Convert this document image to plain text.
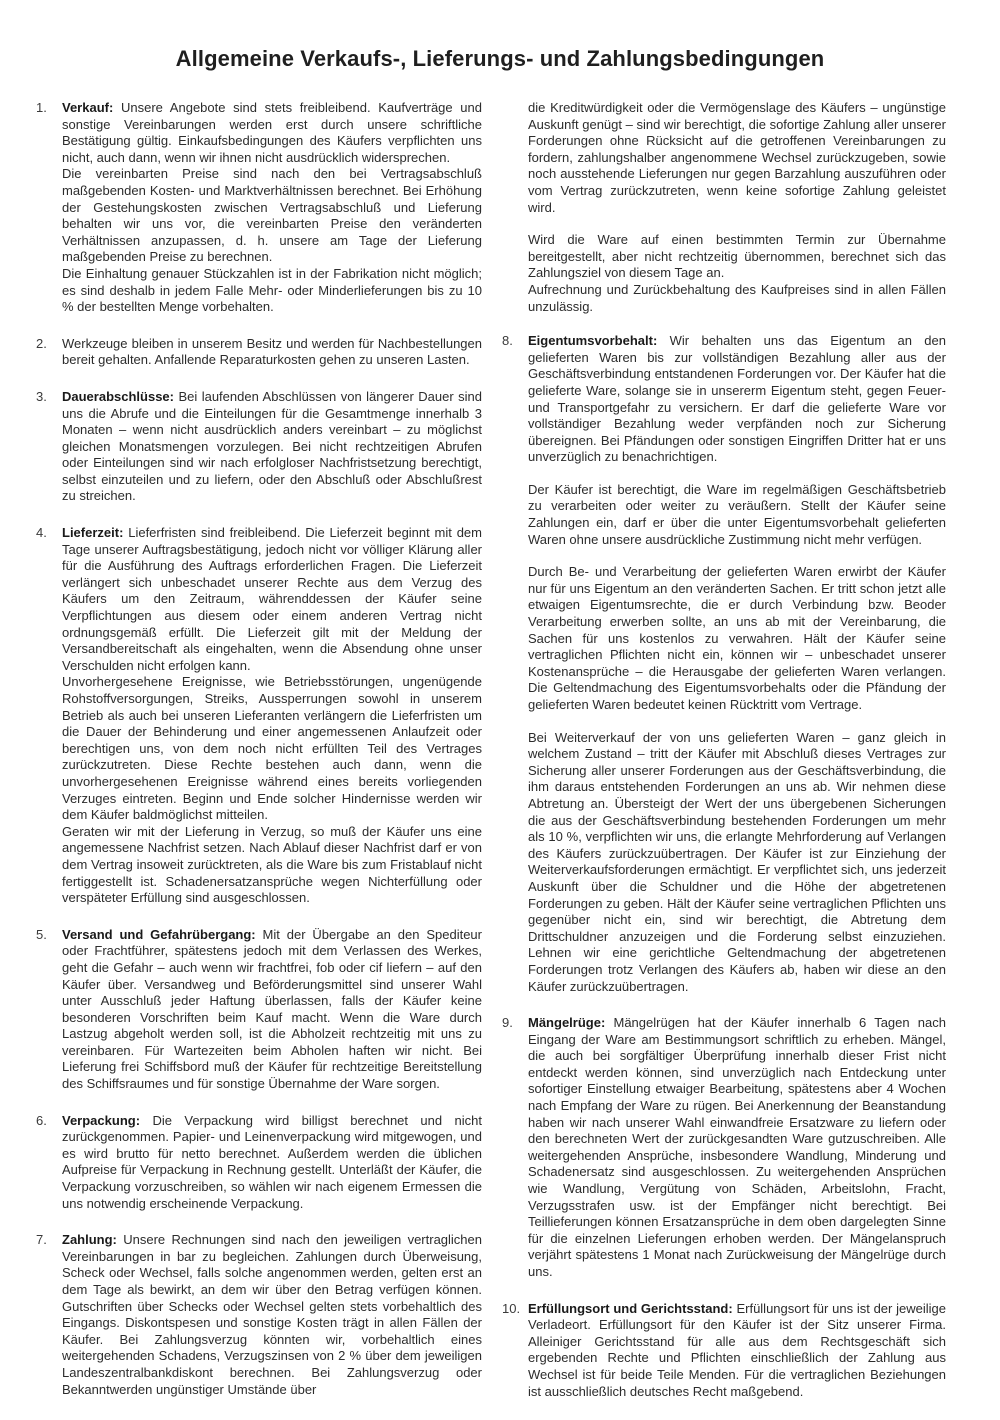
Allgemeine Verkaufs-, Lieferungs- und Zahlungsbedingungen
1. Verkauf: Unsere Angebote sind stets freibleibend. Kaufverträge und sonstige Vereinbarungen werden erst durch unsere schriftliche Bestätigung gültig. Einkaufsbedingungen des Käufers verpflichten uns nicht, auch dann, wenn wir ihnen nicht ausdrücklich widersprechen.

Die vereinbarten Preise sind nach den bei Vertragsabschluß maßgebenden Kosten- und Marktverhältnissen berechnet. Bei Erhöhung der Gestehungskosten zwischen Vertragsabschluß und Lieferung behalten wir uns vor, die vereinbarten Preise den veränderten Verhältnissen anzupassen, d. h. unsere am Tage der Lieferung maßgebenden Preise zu berechnen.

Die Einhaltung genauer Stückzahlen ist in der Fabrikation nicht möglich; es sind deshalb in jedem Falle Mehr- oder Minderlieferungen bis zu 10 % der bestellten Menge vorbehalten.

2. Werkzeuge bleiben in unserem Besitz und werden für Nachbestellungen bereit gehalten. Anfallende Reparaturkosten gehen zu unseren Lasten.

3. Dauerabschlüsse: Bei laufenden Abschlüssen von längerer Dauer sind uns die Abrufe und die Einteilungen für die Gesamtmenge innerhalb 3 Monaten – wenn nicht ausdrücklich anders vereinbart – zu möglichst gleichen Monatsmengen vorzulegen. Bei nicht rechtzeitigen Abrufen oder Einteilungen sind wir nach erfolgloser Nachfristsetzung berechtigt, selbst einzuteilen und zu liefern, oder den Abschluß oder Abschlußrest zu streichen.

4. Lieferzeit: Lieferfristen sind freibleibend. Die Lieferzeit beginnt mit dem Tage unserer Auftragsbestätigung, jedoch nicht vor völliger Klärung aller für die Ausführung des Auftrags erforderlichen Fragen. Die Lieferzeit verlängert sich unbeschadet unserer Rechte aus dem Verzug des Käufers um den Zeitraum, währenddessen der Käufer seine Verpflichtungen aus diesem oder einem anderen Vertrag nicht ordnungsgemäß erfüllt. Die Lieferzeit gilt mit der Meldung der Versandbereitschaft als eingehalten, wenn die Absendung ohne unser Verschulden nicht erfolgen kann.

Unvorhergesehene Ereignisse, wie Betriebsstörungen, ungenügende Rohstoffversorgungen, Streiks, Aussperrungen sowohl in unserem Betrieb als auch bei unseren Lieferanten verlängern die Lieferfristen um die Dauer der Behinderung und einer angemessenen Anlaufzeit oder berechtigen uns, von dem noch nicht erfüllten Teil des Vertrages zurückzutreten. Diese Rechte bestehen auch dann, wenn die unvorhergesehenen Ereignisse während eines bereits vorliegenden Verzuges eintreten. Beginn und Ende solcher Hindernisse werden wir dem Käufer baldmöglichst mitteilen.

Geraten wir mit der Lieferung in Verzug, so muß der Käufer uns eine angemessene Nachfrist setzen. Nach Ablauf dieser Nachfrist darf er von dem Vertrag insoweit zurücktreten, als die Ware bis zum Fristablauf nicht fertiggestellt ist. Schadenersatzansprüche wegen Nichterfüllung oder verspäteter Erfüllung sind ausgeschlossen.

5. Versand und Gefahrübergang: Mit der Übergabe an den Spediteur oder Frachtführer, spätestens jedoch mit dem Verlassen des Werkes, geht die Gefahr – auch wenn wir frachtfrei, fob oder cif liefern – auf den Käufer über. Versandweg und Beförderungsmittel sind unserer Wahl unter Ausschluß jeder Haftung überlassen, falls der Käufer keine besonderen Vorschriften beim Kauf macht. Wenn die Ware durch Lastzug abgeholt werden soll, ist die Abholzeit rechtzeitig mit uns zu vereinbaren. Für Wartezeiten beim Abholen haften wir nicht. Bei Lieferung frei Schiffsbord muß der Käufer für rechtzeitige Bereitstellung des Schiffsraumes und für sonstige Übernahme der Ware sorgen.

6. Verpackung: Die Verpackung wird billigst berechnet und nicht zurückgenommen. Papier- und Leinenverpackung wird mitgewogen, und es wird brutto für netto berechnet. Außerdem werden die üblichen Aufpreise für Verpackung in Rechnung gestellt. Unterläßt der Käufer, die Verpackung vorzuschreiben, so wählen wir nach eigenem Ermessen die uns notwendig erscheinende Verpackung.

7. Zahlung: Unsere Rechnungen sind nach den jeweiligen vertraglichen Vereinbarungen in bar zu begleichen. Zahlungen durch Überweisung, Scheck oder Wechsel, falls solche angenommen werden, gelten erst an dem Tage als bewirkt, an dem wir über den Betrag verfügen können. Gutschriften über Schecks oder Wechsel gelten stets vorbehaltlich des Eingangs. Diskontspesen und sonstige Kosten trägt in allen Fällen der Käufer. Bei Zahlungsverzug könnten wir, vorbehaltlich eines weitergehenden Schadens, Verzugszinsen von 2 % über dem jeweiligen Landeszentralbankdiskont berechnen. Bei Zahlungsverzug oder Bekanntwerden ungünstiger Umstände über

die Kreditwürdigkeit oder die Vermögenslage des Käufers – ungünstige Auskunft genügt – sind wir berechtigt, die sofortige Zahlung aller unserer Forderungen ohne Rücksicht auf die getroffenen Vereinbarungen zu fordern, zahlungshalber angenommene Wechsel zurückzugeben, sowie noch ausstehende Lieferungen nur gegen Barzahlung auszuführen oder vom Vertrag zurückzutreten, wenn keine sofortige Zahlung geleistet wird.

Wird die Ware auf einen bestimmten Termin zur Übernahme bereitgestellt, aber nicht rechtzeitig übernommen, berechnet sich das Zahlungsziel von diesem Tage an.

Aufrechnung und Zurückbehaltung des Kaufpreises sind in allen Fällen unzulässig.

8. Eigentumsvorbehalt: Wir behalten uns das Eigentum an den gelieferten Waren bis zur vollständigen Bezahlung aller aus der Geschäftsverbindung entstandenen Forderungen vor. Der Käufer hat die gelieferte Ware, solange sie in unsererm Eigentum steht, gegen Feuer- und Transportgefahr zu versichern. Er darf die gelieferte Ware vor vollständiger Bezahlung weder verpfänden noch zur Sicherung übereignen. Bei Pfändungen oder sonstigen Eingriffen Dritter hat er uns unverzüglich zu benachrichtigen.

Der Käufer ist berechtigt, die Ware im regelmäßigen Geschäftsbetrieb zu verarbeiten oder weiter zu veräußern. Stellt der Käufer seine Zahlungen ein, darf er über die unter Eigentumsvorbehalt gelieferten Waren ohne unsere ausdrückliche Zustimmung nicht mehr verfügen.

Durch Be- und Verarbeitung der gelieferten Waren erwirbt der Käufer nur für uns Eigentum an den veränderten Sachen. Er tritt schon jetzt alle etwaigen Eigentumsrechte, die er durch Verbindung bzw. Beoder Verarbeitung erwerben sollte, an uns ab mit der Vereinbarung, die Sachen für uns kostenlos zu verwahren. Hält der Käufer seine vertraglichen Pflichten nicht ein, können wir – unbeschadet unserer Kostenansprüche – die Herausgabe der gelieferten Waren verlangen. Die Geltendmachung des Eigentumsvorbehalts oder die Pfändung der gelieferten Waren bedeutet keinen Rücktritt vom Vertrage.

Bei Weiterverkauf der von uns gelieferten Waren – ganz gleich in welchem Zustand – tritt der Käufer mit Abschluß dieses Vertrages zur Sicherung aller unserer Forderungen aus der Geschäftsverbindung, die ihm daraus entstehenden Forderungen an uns ab. Wir nehmen diese Abtretung an. Übersteigt der Wert der uns übergebenen Sicherungen die aus der Geschäftsverbindung bestehenden Forderungen um mehr als 10 %, verpflichten wir uns, die erlangte Mehrforderung auf Verlangen des Käufers zurückzuübertragen. Der Käufer ist zur Einziehung der Weiterverkaufsforderungen ermächtigt. Er verpflichtet sich, uns jederzeit Auskunft über die Schuldner und die Höhe der abgetretenen Forderungen zu geben. Hält der Käufer seine vertraglichen Pflichten uns gegenüber nicht ein, sind wir berechtigt, die Abtretung dem Drittschuldner anzuzeigen und die Forderung selbst einzuziehen. Lehnen wir eine gerichtliche Geltendmachung der abgetretenen Forderungen trotz Verlangen des Käufers ab, haben wir diese an den Käufer zurückzuübertragen.

9. Mängelrüge: Mängelrügen hat der Käufer innerhalb 6 Tagen nach Eingang der Ware am Bestimmungsort schriftlich zu erheben. Mängel, die auch bei sorgfältiger Überprüfung innerhalb dieser Frist nicht entdeckt werden können, sind unverzüglich nach Entdeckung unter sofortiger Einstellung etwaiger Bearbeitung, spätestens aber 4 Wochen nach Empfang der Ware zu rügen. Bei Anerkennung der Beanstandung haben wir nach unserer Wahl einwandfreie Ersatzware zu liefern oder den berechneten Wert der zurückgesandten Ware gutzuschreiben. Alle weitergehenden Ansprüche, insbesondere Wandlung, Minderung und Schadenersatz sind ausgeschlossen. Zu weitergehenden Ansprüchen wie Wandlung, Vergütung von Schäden, Arbeitslohn, Fracht, Verzugsstrafen usw. ist der Empfänger nicht berechtigt. Bei Teillieferungen können Ersatzansprüche in dem oben dargelegten Sinne für die einzelnen Lieferungen erhoben werden. Der Mängelanspruch verjährt spätestens 1 Monat nach Zurückweisung der Mängelrüge durch uns.

10. Erfüllungsort und Gerichtsstand: Erfüllungsort für uns ist der jeweilige Verladeort. Erfüllungsort für den Käufer ist der Sitz unserer Firma. Alleiniger Gerichtsstand für alle aus dem Rechtsgeschäft sich ergebenden Rechte und Pflichten einschließlich der Zahlung aus Wechsel ist für beide Teile Menden. Für die vertraglichen Beziehungen ist ausschließlich deutsches Recht maßgebend.
